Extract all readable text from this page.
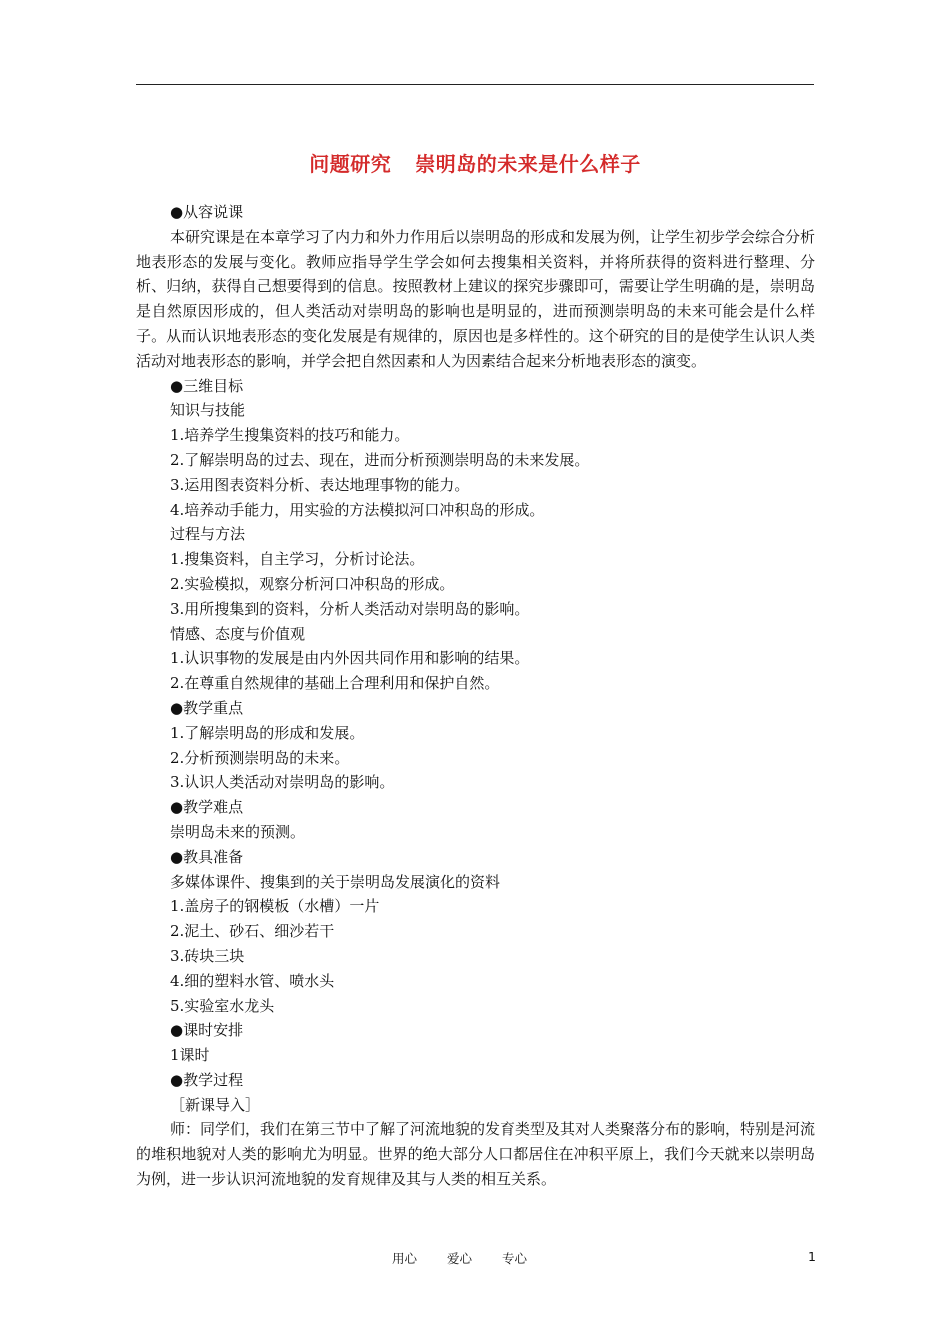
问题研究 崇明岛的未来是什么样子
●从容说课
本研究课是在本章学习了内力和外力作用后以崇明岛的形成和发展为例，让学生初步学会综合分析地表形态的发展与变化。教师应指导学生学会如何去搜集相关资料，并将所获得的资料进行整理、分析、归纳，获得自己想要得到的信息。按照教材上建议的探究步骤即可，需要让学生明确的是，崇明岛是自然原因形成的，但人类活动对崇明岛的影响也是明显的，进而预测崇明岛的未来可能会是什么样子。从而认识地表形态的变化发展是有规律的，原因也是多样性的。这个研究的目的是使学生认识人类活动对地表形态的影响，并学会把自然因素和人为因素结合起来分析地表形态的演变。
●三维目标
知识与技能
1.培养学生搜集资料的技巧和能力。
2.了解崇明岛的过去、现在，进而分析预测崇明岛的未来发展。
3.运用图表资料分析、表达地理事物的能力。
4.培养动手能力，用实验的方法模拟河口冲积岛的形成。
过程与方法
1.搜集资料，自主学习，分析讨论法。
2.实验模拟，观察分析河口冲积岛的形成。
3.用所搜集到的资料，分析人类活动对崇明岛的影响。
情感、态度与价值观
1.认识事物的发展是由内外因共同作用和影响的结果。
2.在尊重自然规律的基础上合理利用和保护自然。
●教学重点
1.了解崇明岛的形成和发展。
2.分析预测崇明岛的未来。
3.认识人类活动对崇明岛的影响。
●教学难点
崇明岛未来的预测。
●教具准备
多媒体课件、搜集到的关于崇明岛发展演化的资料
1.盖房子的钢模板（水槽）一片
2.泥土、砂石、细沙若干
3.砖块三块
4.细的塑料水管、喷水头
5.实验室水龙头
●课时安排
1课时
●教学过程
［新课导入］
师：同学们，我们在第三节中了解了河流地貌的发育类型及其对人类聚落分布的影响，特别是河流的堆积地貌对人类的影响尤为明显。世界的绝大部分人口都居住在冲积平原上，我们今天就来以崇明岛为例，进一步认识河流地貌的发育规律及其与人类的相互关系。
用心 爱心 专心	1
